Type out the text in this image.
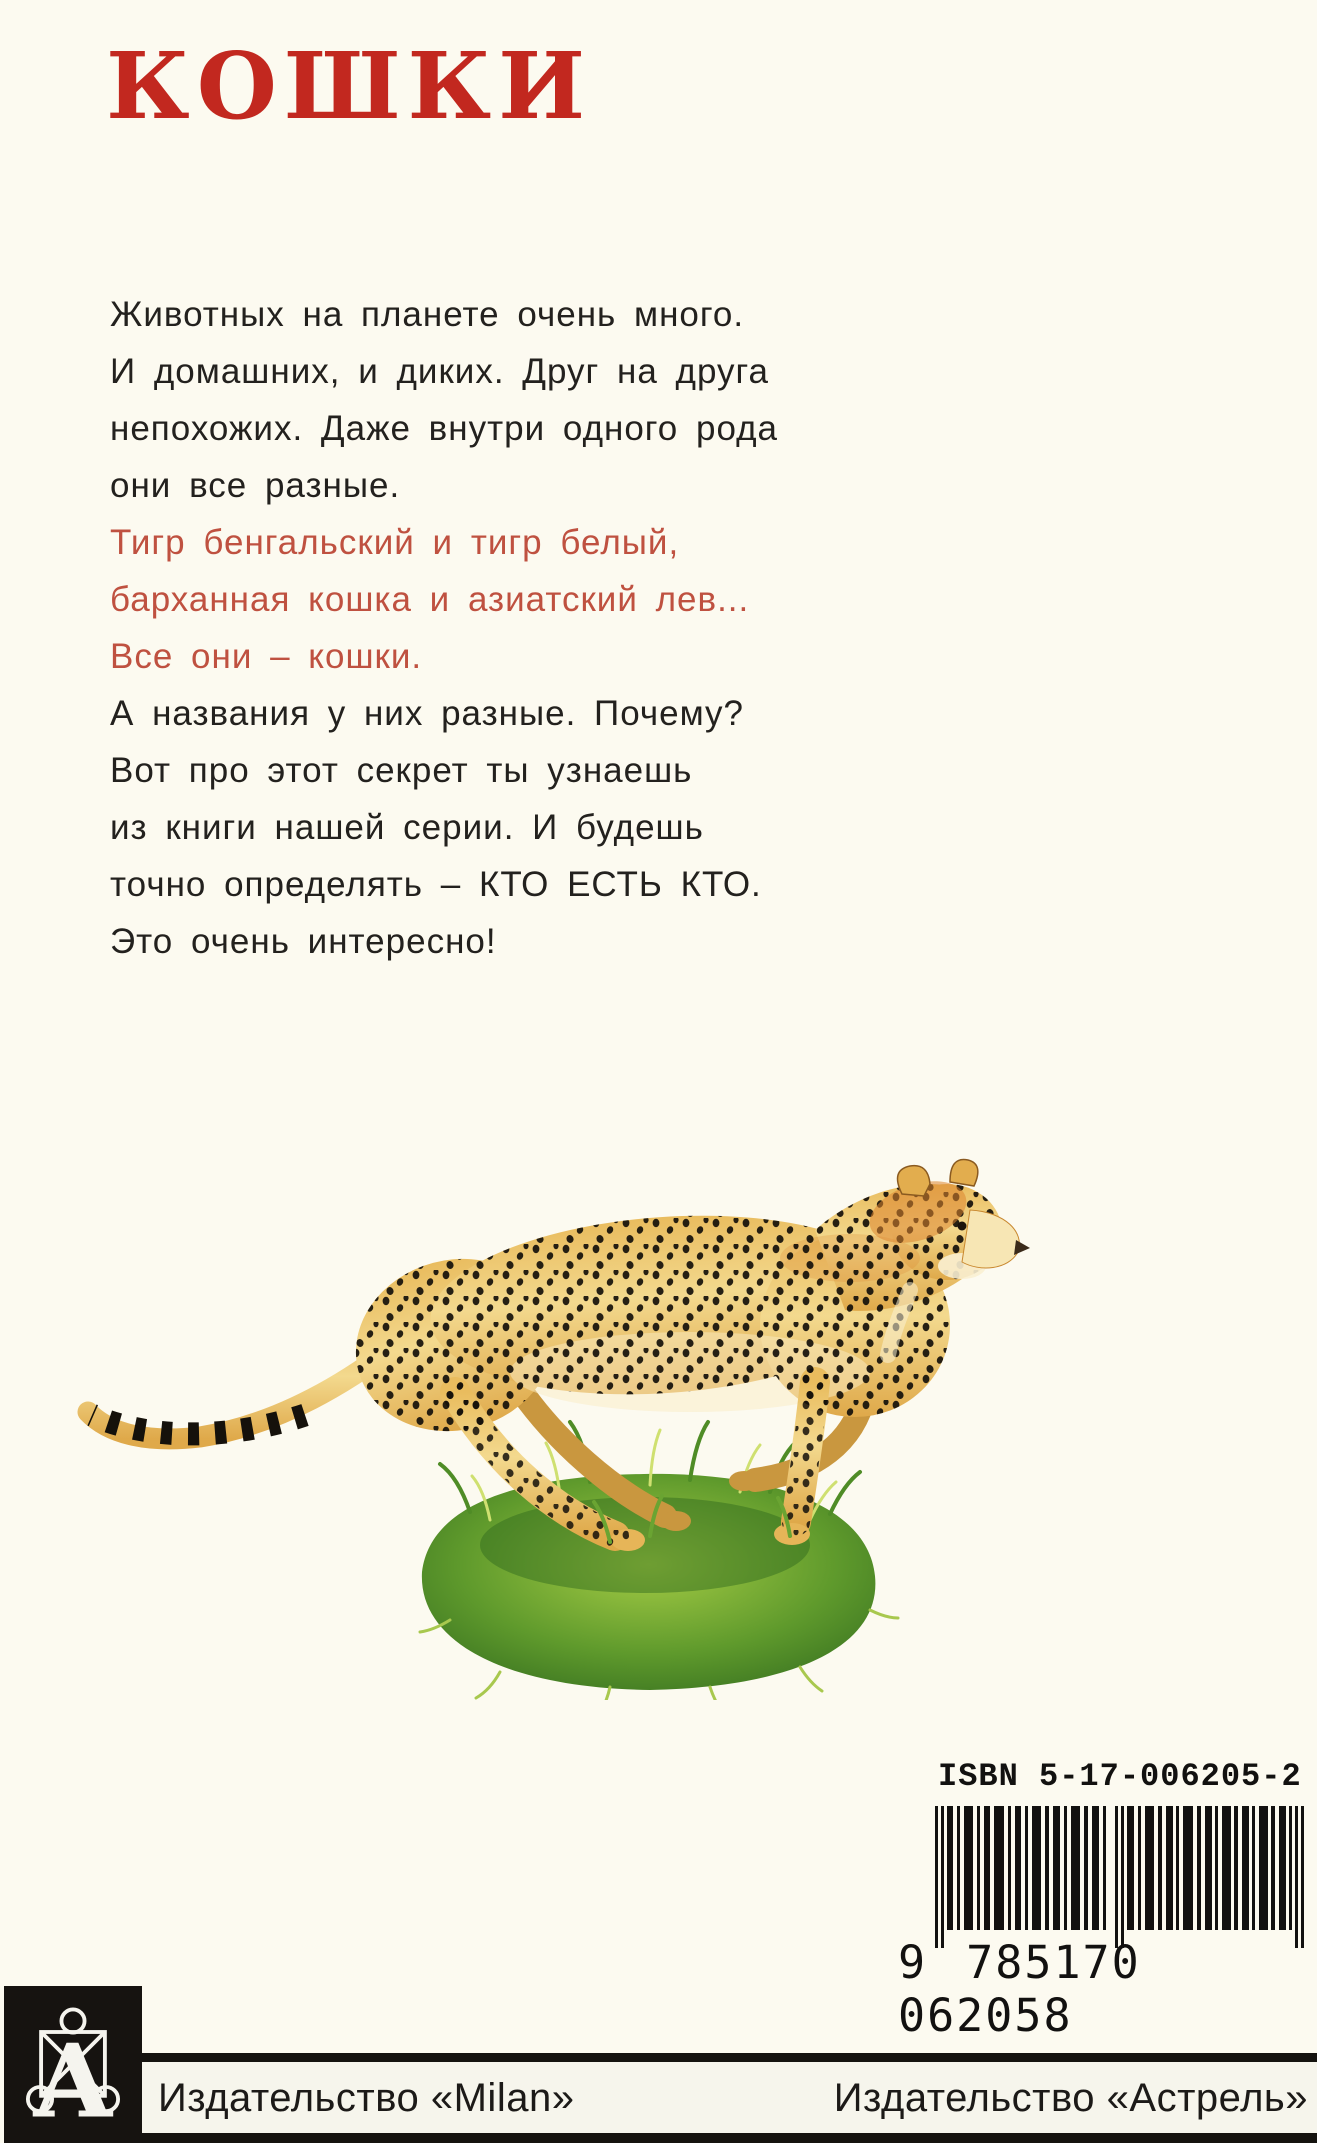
КОШКИ
Животных на планете очень много.
И домашних, и диких. Друг на друга
непохожих. Даже внутри одного рода
они все разные.
Тигр бенгальский и тигр белый,
барханная кошка и азиатский лев...
Все они – кошки.
А названия у них разные. Почему?
Вот про этот секрет ты узнаешь
из книги нашей серии. И будешь
точно определять – КТО ЕСТЬ КТО.
Это очень интересно!
ISBN 5-17-006205-2
9 785170 062058
Издательство «Milan»	Издательство «Астрель»
А
